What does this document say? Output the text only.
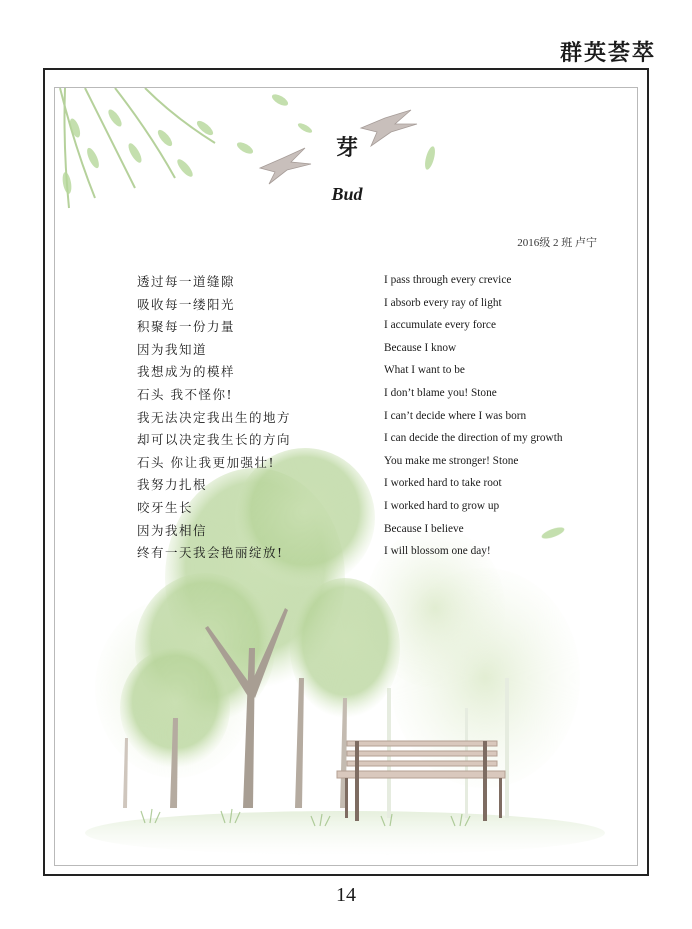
群英荟萃
芽
Bud
2016级 2 班 卢宁
透过每一道缝隙
吸收每一缕阳光
积聚每一份力量
因为我知道
我想成为的模样
石头 我不怪你!
我无法决定我出生的地方
却可以决定我生长的方向
石头 你让我更加强壮!
我努力扎根
咬牙生长
因为我相信
终有一天我会艳丽绽放!
I pass through every crevice
I absorb every ray of light
I accumulate every force
Because I know
What I want to be
I don’t blame you! Stone
I can’t decide where I was born
I can decide the direction of my growth
You make me stronger! Stone
I worked hard to take root
I worked hard to grow up
Because I believe
I will blossom one day!
14
